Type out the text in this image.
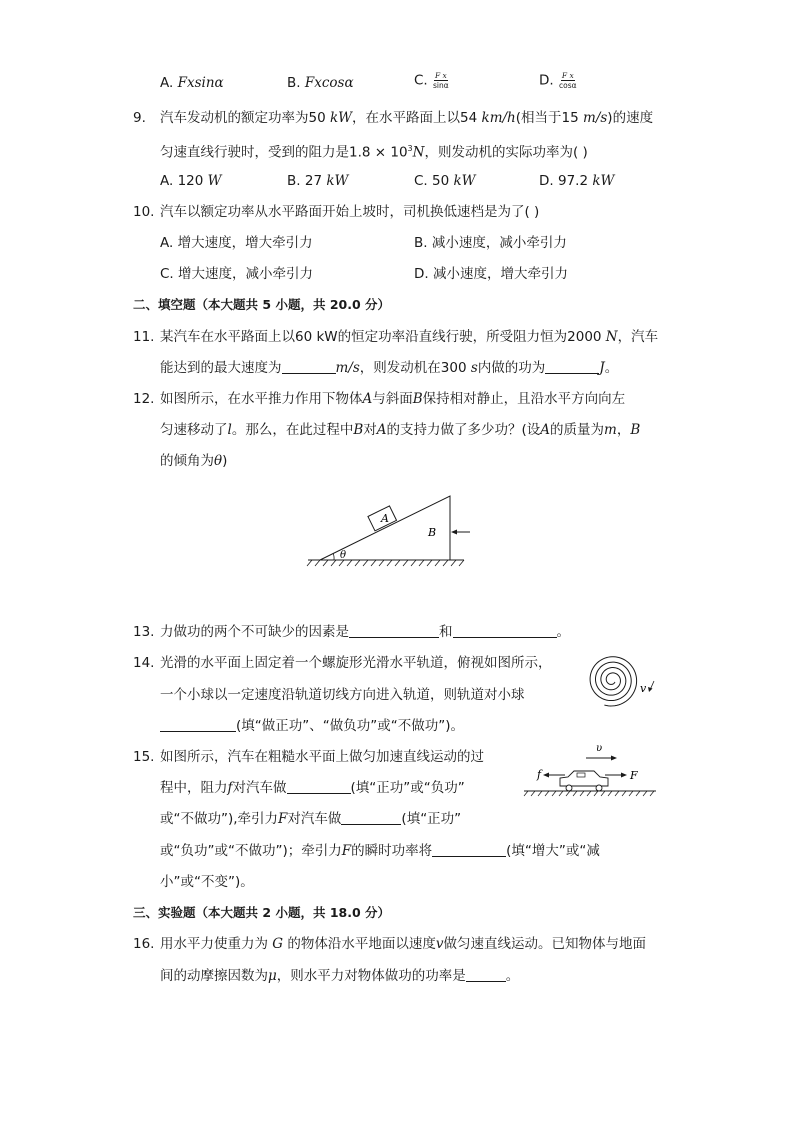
A. Fxsinα	B. Fxcosα	C. $\frac{\text{F x}}{\sin\alpha}$	D. $\frac{\text{F x}}{\cos\alpha}$
9. 汽车发动机的额定功率为50 kW，在水平路面上以54 km/h(相当于15 m/s)的速度
匀速直线行驶时，受到的阻力是$1.8 \times 10^3N$，则发动机的实际功率为( )
A. 120 W	B. 27 kW	C. 50 kW	D. 97.2 kW
10. 汽车以额定功率从水平路面开始上坡时，司机换低速档是为了( )
A. 增大速度，增大牵引力	B. 减小速度，减小牵引力
C. 增大速度，减小牵引力	D. 减小速度，增大牵引力
二、填空题（本大题共 5 小题，共 20.0 分）
11. 某汽车在水平路面上以60 kW的恒定功率沿直线行驶，所受阻力恒为2000 N，汽车
能达到的最大速度为	m/s，则发动机在300 s内做的功为	J。
12. 如图所示，在水平推力作用下物体A与斜面B保持相对静止，且沿水平方向向左
匀速移动了l。那么，在此过程中B对A的支持力做了多少功？(设A的质量为m，B
的倾角为θ)
θ
A
B
13. 力做功的两个不可缺少的因素是	和	。
14. 光滑的水平面上固定着一个螺旋形光滑水平轨道，俯视如图所示，
一个小球以一定速度沿轨道切线方向进入轨道，则轨道对小球
(填“做正功”、“做负功”或“不做功”)。
v
15. 如图所示，汽车在粗糙水平面上做匀加速直线运动的过
程中，阻力f对汽车做	(填“正功”或“负功”
或“不做功”),牵引力F对汽车做	(填“正功”
或“负功”或“不做功”)；牵引力F的瞬时功率将	(填“增大”或“减
小”或“不变”)。
υ
f	F
三、实验题（本大题共 2 小题，共 18.0 分）
16. 用水平力使重力为 G 的物体沿水平地面以速度v做匀速直线运动。已知物体与地面
间的动摩擦因数为μ，则水平力对物体做功的功率是	。
